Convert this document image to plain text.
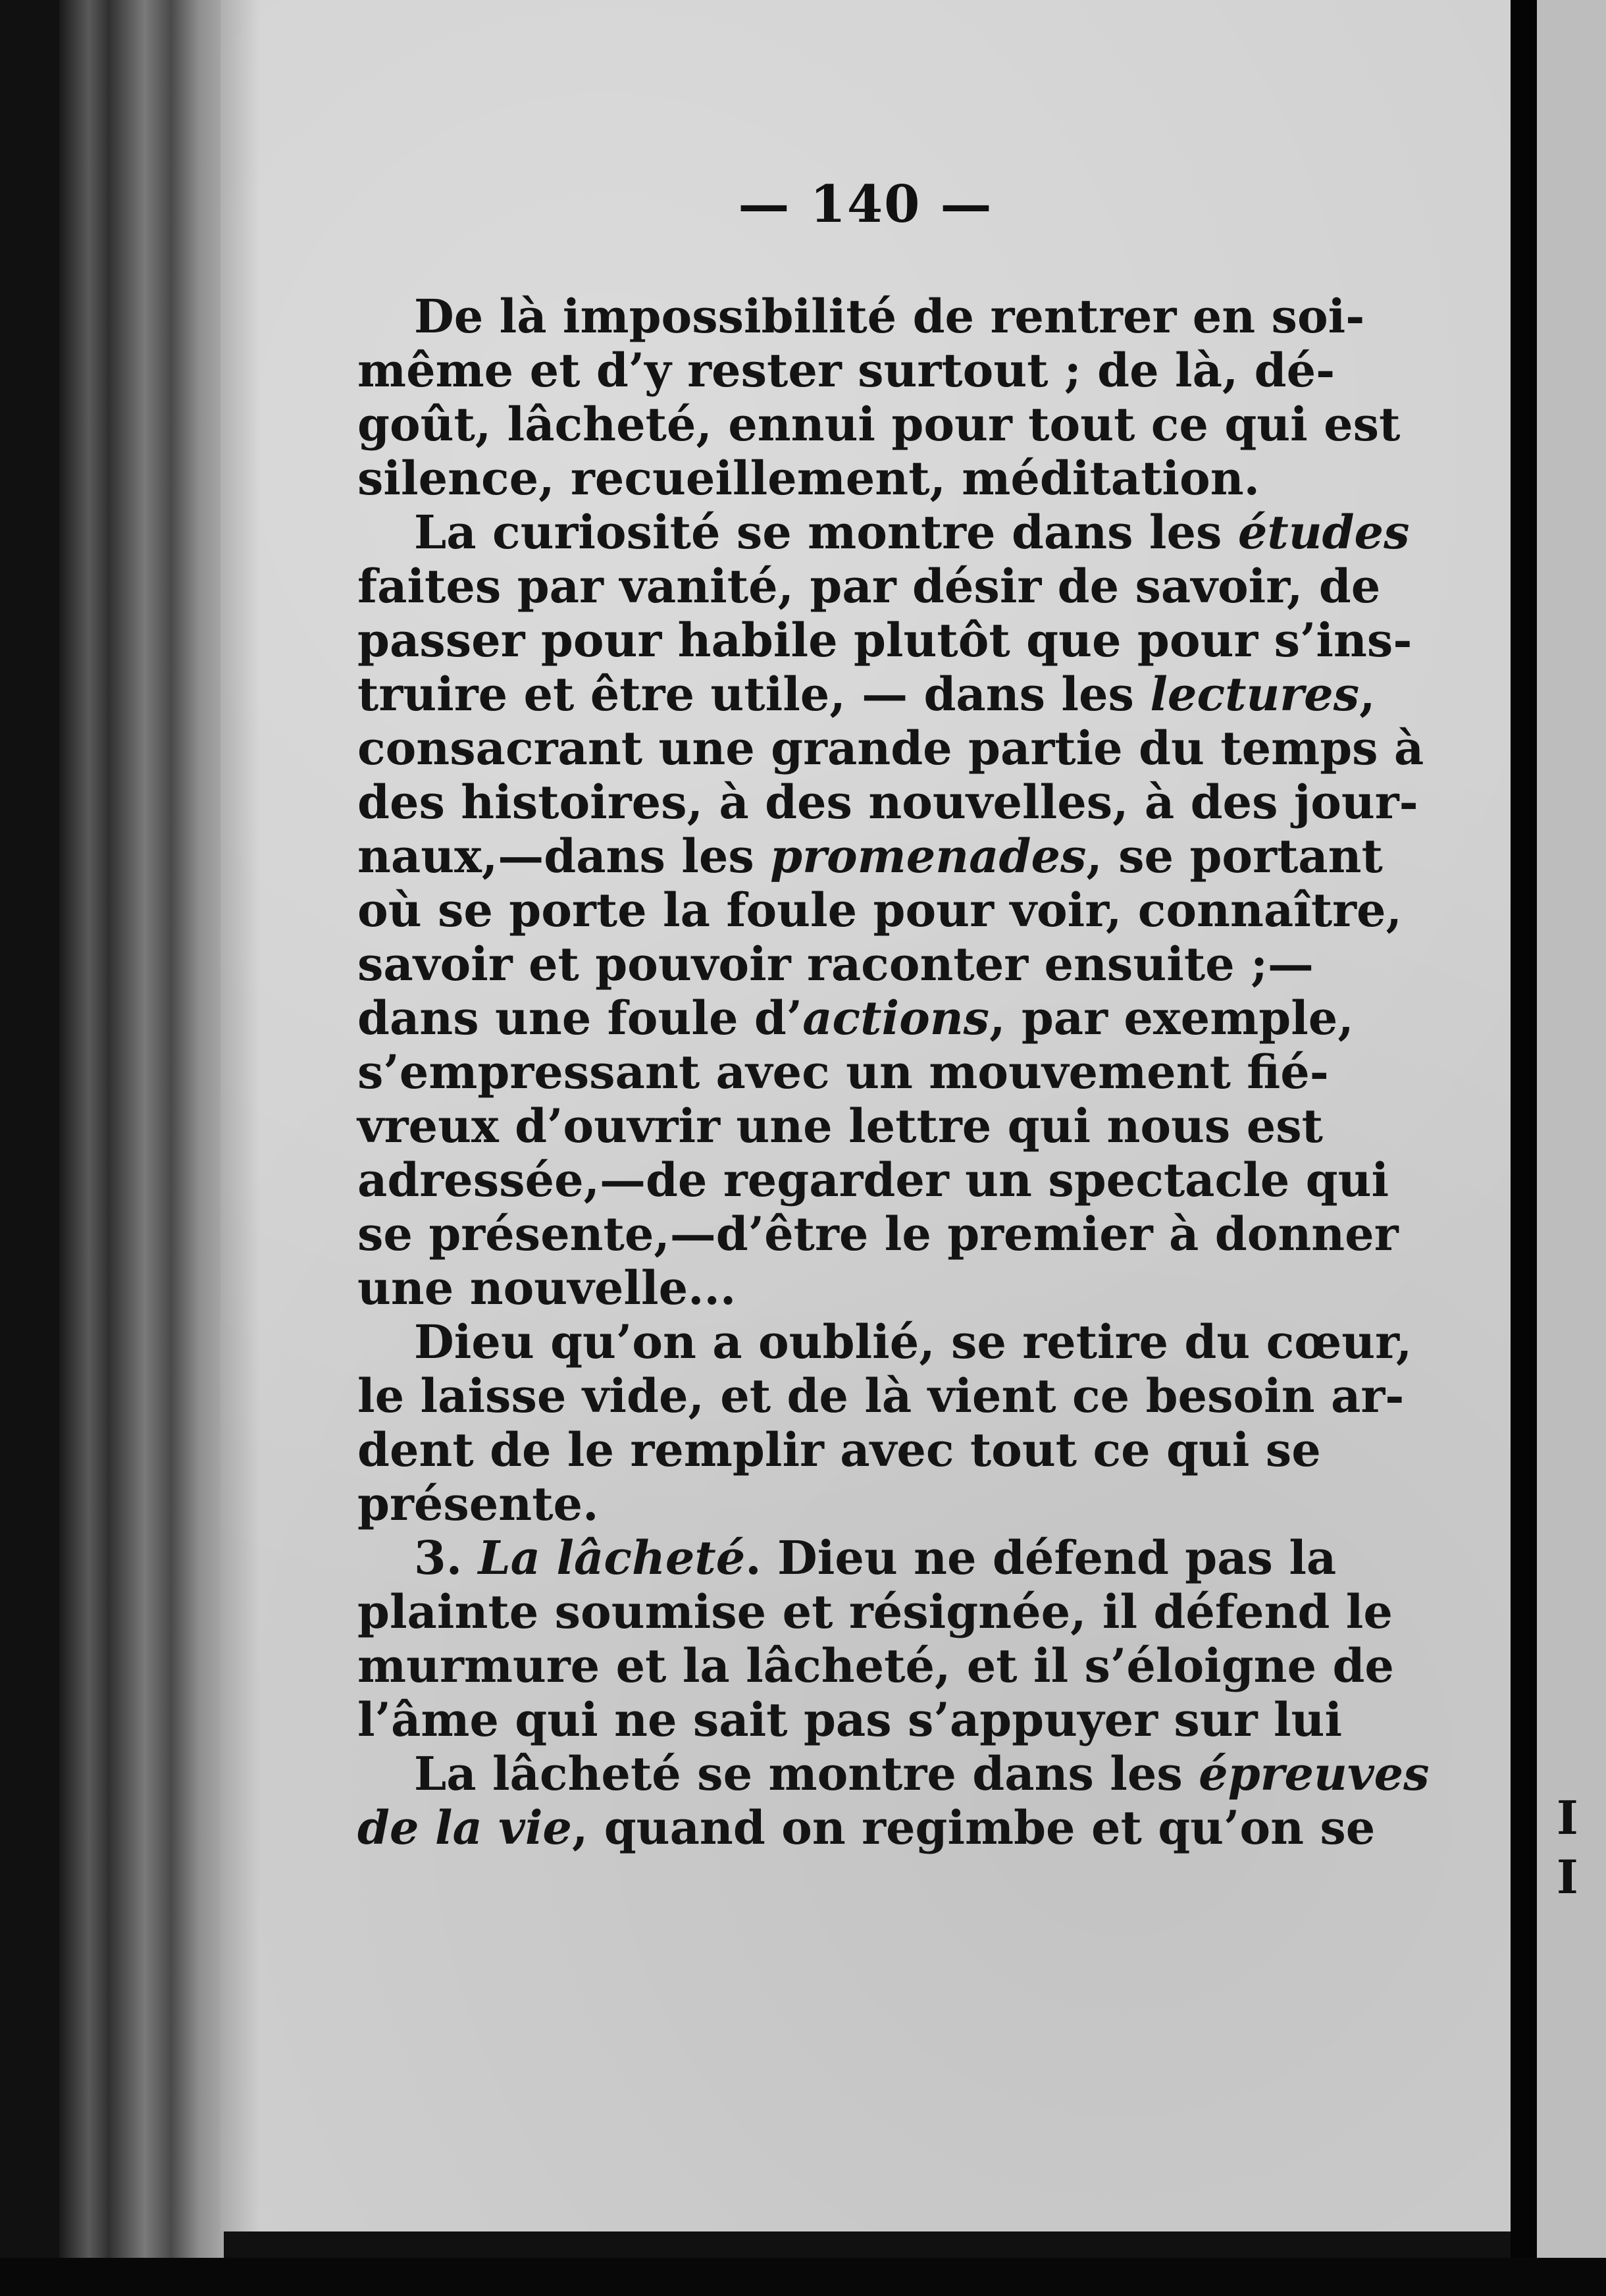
— 140 —
De là impossibilité de rentrer en soi-
même et d’y rester surtout ; de là, dé-
goût, lâcheté, ennui pour tout ce qui est
silence, recueillement, méditation.
La curiosité se montre dans les études
faites par vanité, par désir de savoir, de
passer pour habile plutôt que pour s’ins-
truire et être utile, — dans les lectures,
consacrant une grande partie du temps à
des histoires, à des nouvelles, à des jour-
naux,—dans les promenades, se portant
où se porte la foule pour voir, connaître,
savoir et pouvoir raconter ensuite ;—
dans une foule d’actions, par exemple,
s’empressant avec un mouvement fié-
vreux d’ouvrir une lettre qui nous est
adressée,—de regarder un spectacle qui
se présente,—d’être le premier à donner
une nouvelle...
Dieu qu’on a oublié, se retire du cœur,
le laisse vide, et de là vient ce besoin ar-
dent de le remplir avec tout ce qui se
présente.
3. La lâcheté. Dieu ne défend pas la
plainte soumise et résignée, il défend le
murmure et la lâcheté, et il s’éloigne de
l’âme qui ne sait pas s’appuyer sur lui
La lâcheté se montre dans les épreuves
de la vie, quand on regimbe et qu’on se	I
I
